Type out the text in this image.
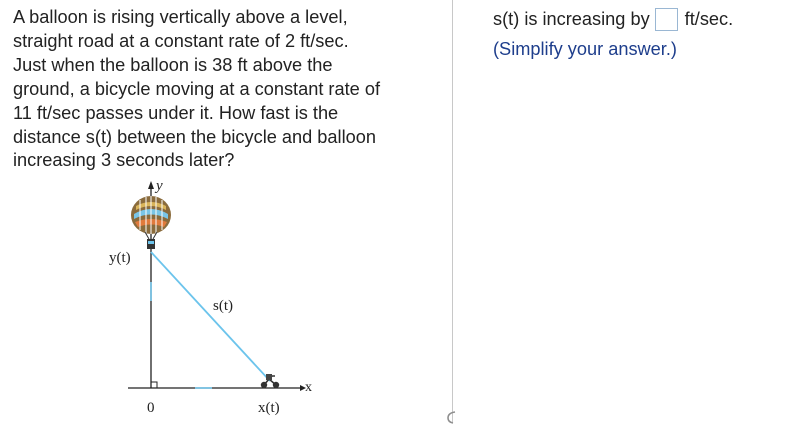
A balloon is rising vertically above a level,
straight road at a constant rate of 2 ft/sec.
Just when the balloon is 38 ft above the
ground, a bicycle moving at a constant rate of
11 ft/sec passes under it. How fast is the
distance s(t) between the bicycle and balloon
increasing 3 seconds later?
y
y(t)
s(t)
x
0	x(t)
s(t) is increasing by ft/sec.
(Simplify your answer.)
